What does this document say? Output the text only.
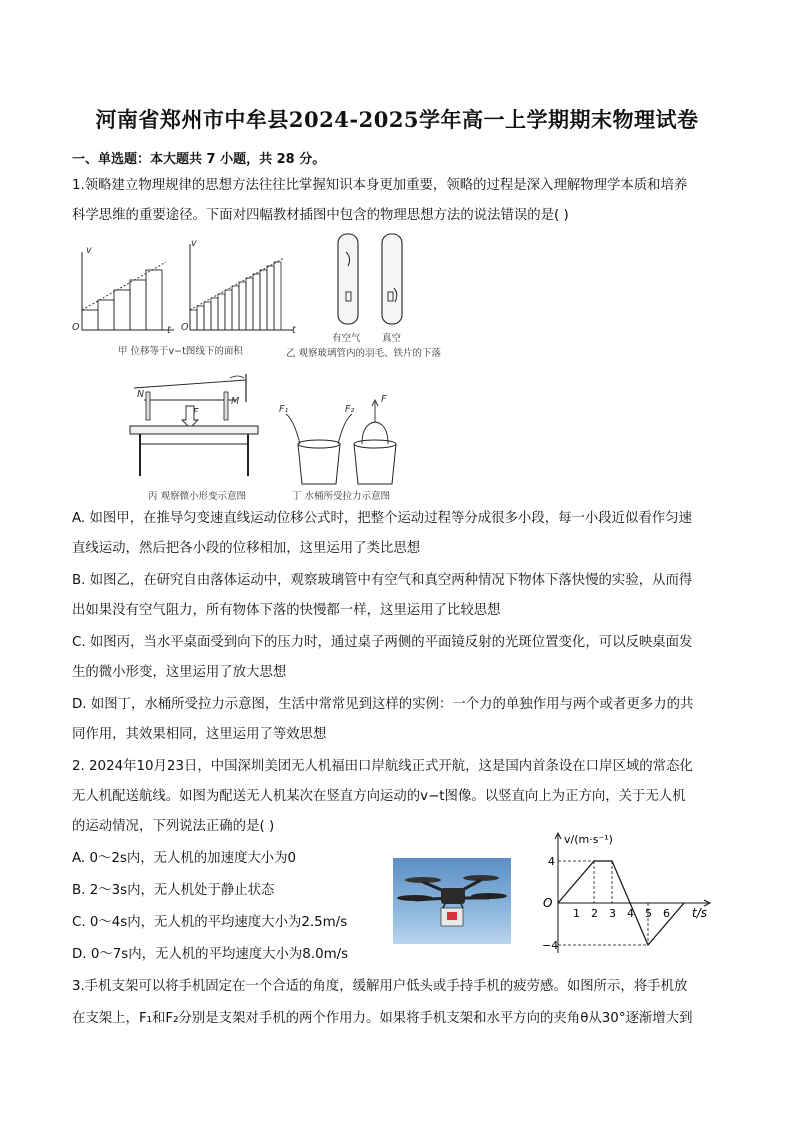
河南省郑州市中牟县2024-2025学年高一上学期期末物理试卷
一、单选题：本大题共 7 小题，共 28 分。
1.领略建立物理规律的思想方法往往比掌握知识本身更加重要，领略的过程是深入理解物理学本质和培养
科学思维的重要途径。下面对四幅教材插图中包含的物理思想方法的说法错误的是( )
v
t
O
v
t
O
甲 位移等于v−t图线下的面积
有空气 真空
乙 观察玻璃管内的羽毛、铁片的下落
N
M
F
丙 观察微小形变示意图
F₁	F₂
F
丁 水桶所受拉力示意图
A. 如图甲，在推导匀变速直线运动位移公式时，把整个运动过程等分成很多小段，每一小段近似看作匀速
直线运动，然后把各小段的位移相加，这里运用了类比思想
B. 如图乙，在研究自由落体运动中，观察玻璃管中有空气和真空两种情况下物体下落快慢的实验，从而得
出如果没有空气阻力，所有物体下落的快慢都一样，这里运用了比较思想
C. 如图丙，当水平桌面受到向下的压力时，通过桌子两侧的平面镜反射的光斑位置变化，可以反映桌面发
生的微小形变，这里运用了放大思想
D. 如图丁，水桶所受拉力示意图，生活中常常见到这样的实例：一个力的单独作用与两个或者更多力的共
同作用，其效果相同，这里运用了等效思想
2. 2024年10月23日，中国深圳美团无人机福田口岸航线正式开航，这是国内首条设在口岸区域的常态化
无人机配送航线。如图为配送无人机某次在竖直方向运动的v−t图像。以竖直向上为正方向，关于无人机
的运动情况，下列说法正确的是( )
A. 0～2s内，无人机的加速度大小为0
B. 2～3s内，无人机处于静止状态
C. 0～4s内，无人机的平均速度大小为2.5m/s
D. 0～7s内，无人机的平均速度大小为8.0m/s
1 2 3 4 5 6
4
−4
v/(m·s⁻¹)
t/s
O
3.手机支架可以将手机固定在一个合适的角度，缓解用户低头或手持手机的疲劳感。如图所示，将手机放
在支架上，F₁和F₂分别是支架对手机的两个作用力。如果将手机支架和水平方向的夹角θ从30°逐渐增大到
